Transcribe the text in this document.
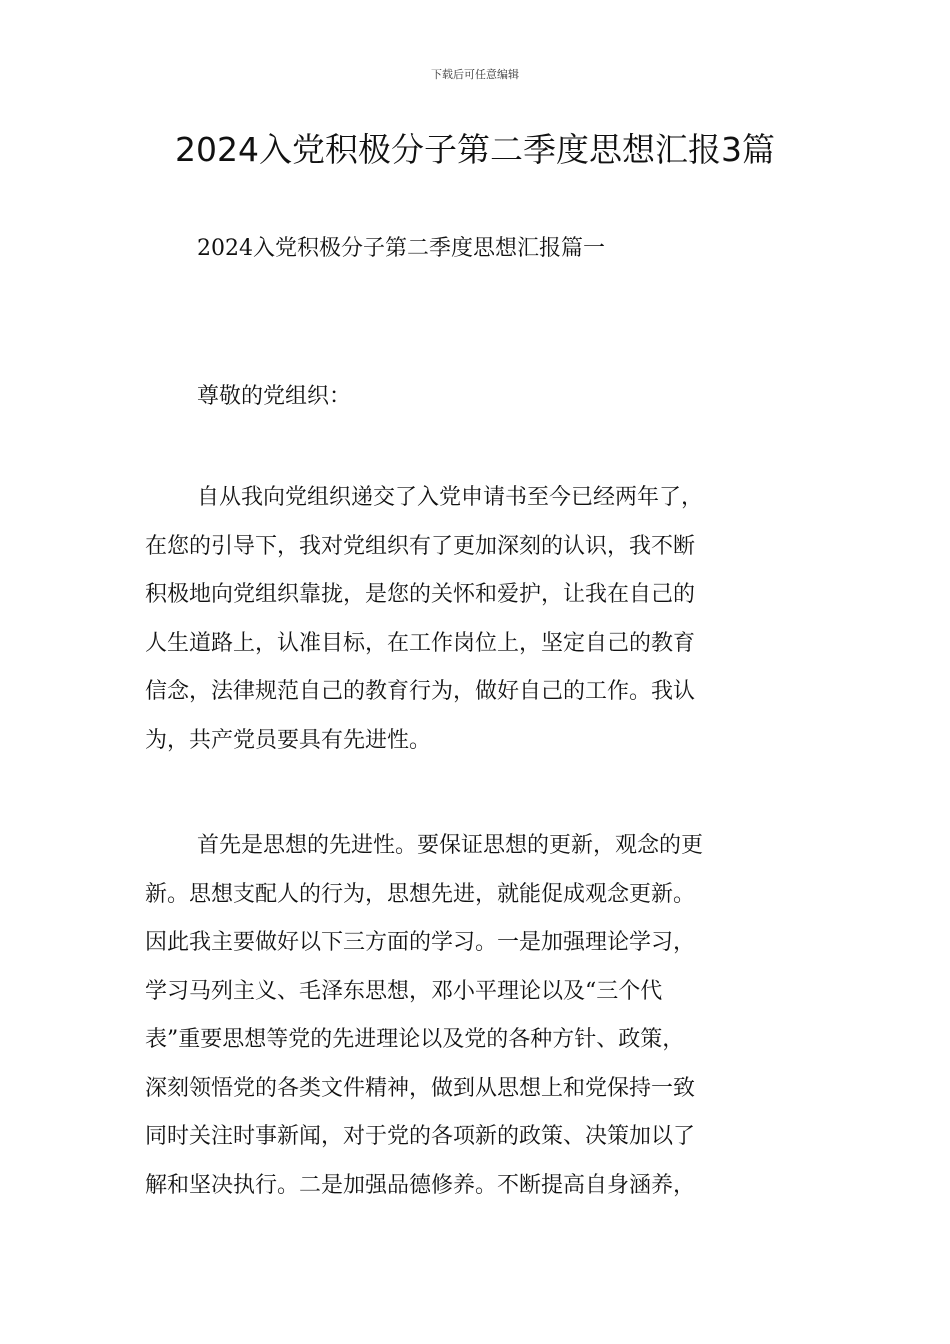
下载后可任意编辑
2024入党积极分子第二季度思想汇报3篇
2024入党积极分子第二季度思想汇报篇一
尊敬的党组织：
自从我向党组织递交了入党申请书至今已经两年了，
在您的引导下，我对党组织有了更加深刻的认识，我不断
积极地向党组织靠拢，是您的关怀和爱护，让我在自己的
人生道路上，认准目标，在工作岗位上，坚定自己的教育
信念，法律规范自己的教育行为，做好自己的工作。我认
为，共产党员要具有先进性。
首先是思想的先进性。要保证思想的更新，观念的更
新。思想支配人的行为，思想先进，就能促成观念更新。
因此我主要做好以下三方面的学习。一是加强理论学习，
学习马列主义、毛泽东思想，邓小平理论以及“三个代
表”重要思想等党的先进理论以及党的各种方针、政策，
深刻领悟党的各类文件精神，做到从思想上和党保持一致
同时关注时事新闻，对于党的各项新的政策、决策加以了
解和坚决执行。二是加强品德修养。不断提高自身涵养，
